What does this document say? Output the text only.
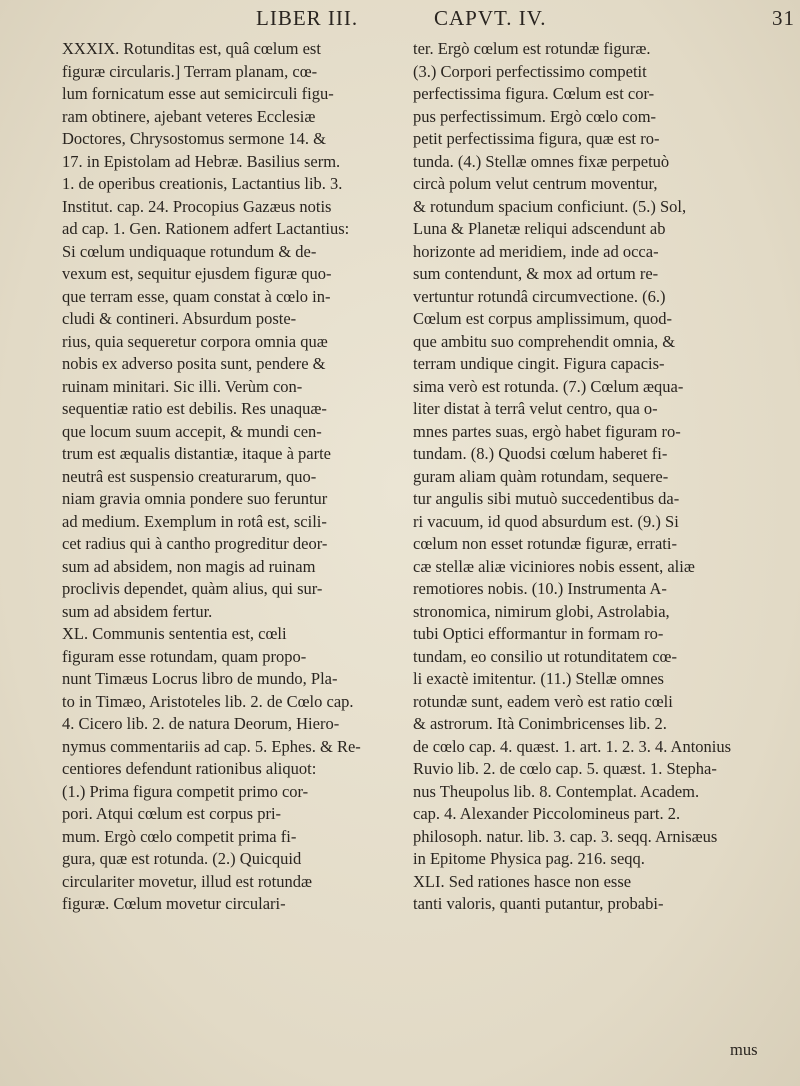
LIBER III.	CAPVT. IV.	31
XXXIX. Rotunditas est, quâ cœlum est
figuræ circularis.] Terram planam, cœ-
lum fornicatum esse aut semicirculi figu-
ram obtinere, ajebant veteres Ecclesiæ
Doctores, Chrysostomus sermone 14. &
17. in Epistolam ad Hebræ. Basilius serm.
1. de operibus creationis, Lactantius lib. 3.
Institut. cap. 24. Procopius Gazæus notis
ad cap. 1. Gen. Rationem adfert Lactantius:
Si cœlum undiquaque rotundum & de-
vexum est, sequitur ejusdem figuræ quo-
que terram esse, quam constat à cœlo in-
cludi & contineri. Absurdum poste-
rius, quia sequeretur corpora omnia quæ
nobis ex adverso posita sunt, pendere &
ruinam minitari. Sic illi. Verùm con-
sequentiæ ratio est debilis. Res unaquæ-
que locum suum accepit, & mundi cen-
trum est æqualis distantiæ, itaque à parte
neutrâ est suspensio creaturarum, quo-
niam gravia omnia pondere suo feruntur
ad medium. Exemplum in rotâ est, scili-
cet radius qui à cantho progreditur deor-
sum ad absidem, non magis ad ruinam
proclivis dependet, quàm alius, qui sur-
sum ad absidem fertur.
XL. Communis sententia est, cœli
figuram esse rotundam, quam propo-
nunt Timæus Locrus libro de mundo, Pla-
to in Timæo, Aristoteles lib. 2. de Cœlo cap.
4. Cicero lib. 2. de natura Deorum, Hiero-
nymus commentariis ad cap. 5. Ephes. & Re-
centiores defendunt rationibus aliquot:
(1.) Prima figura competit primo cor-
pori. Atqui cœlum est corpus pri-
mum. Ergò cœlo competit prima fi-
gura, quæ est rotunda. (2.) Quicquid
circulariter movetur, illud est rotundæ
figuræ. Cœlum movetur circulari-
ter. Ergò cœlum est rotundæ figuræ.
(3.) Corpori perfectissimo competit
perfectissima figura. Cœlum est cor-
pus perfectissimum. Ergò cœlo com-
petit perfectissima figura, quæ est ro-
tunda. (4.) Stellæ omnes fixæ perpetuò
circà polum velut centrum moventur,
& rotundum spacium conficiunt. (5.) Sol,
Luna & Planetæ reliqui adscendunt ab
horizonte ad meridiem, inde ad occa-
sum contendunt, & mox ad ortum re-
vertuntur rotundâ circumvectione. (6.)
Cœlum est corpus amplissimum, quod-
que ambitu suo comprehendit omnia, &
terram undique cingit. Figura capacis-
sima verò est rotunda. (7.) Cœlum æqua-
liter distat à terrâ velut centro, qua o-
mnes partes suas, ergò habet figuram ro-
tundam. (8.) Quodsi cœlum haberet fi-
guram aliam quàm rotundam, sequere-
tur angulis sibi mutuò succedentibus da-
ri vacuum, id quod absurdum est. (9.) Si
cœlum non esset rotundæ figuræ, errati-
cæ stellæ aliæ viciniores nobis essent, aliæ
remotiores nobis. (10.) Instrumenta A-
stronomica, nimirum globi, Astrolabia,
tubi Optici efformantur in formam ro-
tundam, eo consilio ut rotunditatem cœ-
li exactè imitentur. (11.) Stellæ omnes
rotundæ sunt, eadem verò est ratio cœli
& astrorum. Ità Conimbricenses lib. 2.
de cœlo cap. 4. quæst. 1. art. 1. 2. 3. 4. Antonius
Ruvio lib. 2. de cœlo cap. 5. quæst. 1. Stepha-
nus Theupolus lib. 8. Contemplat. Academ.
cap. 4. Alexander Piccolomineus part. 2.
philosoph. natur. lib. 3. cap. 3. seqq. Arnisæus
in Epitome Physica pag. 216. seqq.
XLI. Sed rationes hasce non esse
tanti valoris, quanti putantur, probabi-
mus
